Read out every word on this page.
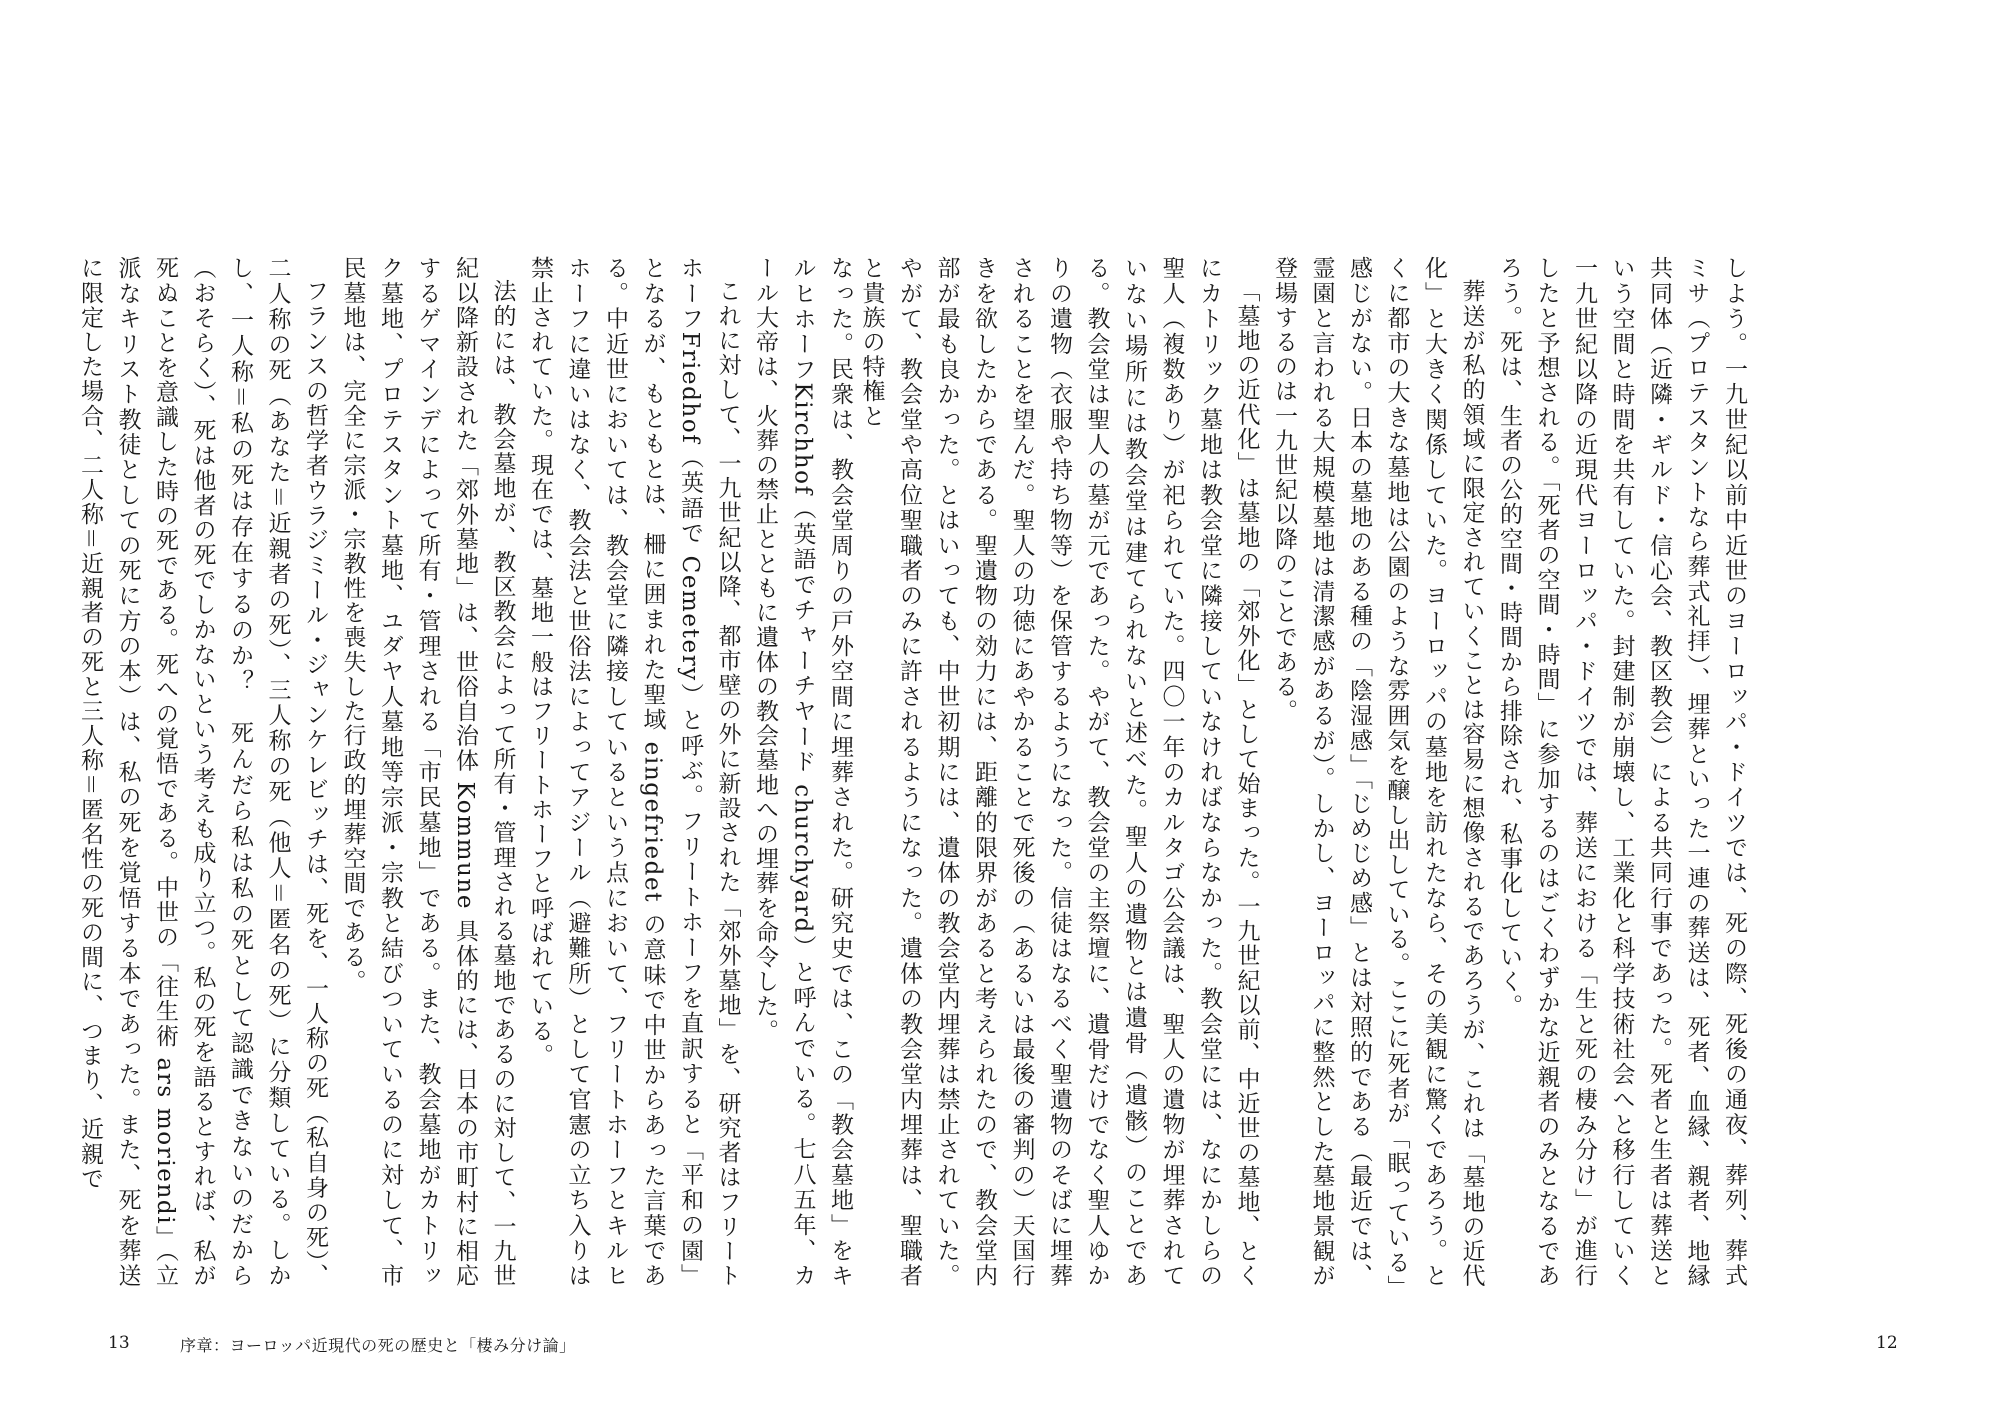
なった。民衆は、教会堂周りの戸外空間に埋葬された。研究史では、この「教会墓地」をキルヒホーフKirchhof（英語でチャーチヤード churchyard）と呼んでいる。七八五年、カール大帝は、火葬の禁止とともに遺体の教会墓地への埋葬を命令した。

これに対して、一九世紀以降、都市壁の外に新設された「郊外墓地」を、研究者はフリートホーフFriedhof（英語で Cemetery）と呼ぶ。フリートホーフを直訳すると「平和の園」となるが、もともとは、柵に囲まれた聖域 eingefriedet の意味で中世からあった言葉である。中近世においては、教会堂に隣接しているという点において、フリートホーフとキルヒホーフに違いはなく、教会法と世俗法によってアジール（避難所）として官憲の立ち入りは禁止されていた。現在では、墓地一般はフリートホーフと呼ばれている。

法的には、教会墓地が、教区教会によって所有・管理される墓地であるのに対して、一九世紀以降新設された「郊外墓地」は、世俗自治体 Kommune 具体的には、日本の市町村に相応するゲマインデによって所有・管理される「市民墓地」である。また、教会墓地がカトリック墓地、プロテスタント墓地、ユダヤ人墓地等宗派・宗教と結びついているのに対して、市民墓地は、完全に宗派・宗教性を喪失した行政的埋葬空間である。

フランスの哲学者ウラジミール・ジャンケレビッチは、死を、一人称の死（私自身の死）、二人称の死（あなた＝近親者の死）、三人称の死（他人＝匿名の死）に分類している。しかし、一人称＝私の死は存在するのか？　死んだら私は私の死として認識できないのだから（おそらく）、死は他者の死でしかないという考えも成り立つ。私の死を語るとすれば、私が死ぬことを意識した時の死である。死への覚悟である。中世の「往生術 ars moriendi」（立派なキリスト教徒としての死に方の本）は、私の死を覚悟する本であった。また、死を葬送に限定した場合、二人称＝近親者の死と三人称＝匿名性の死の間に、つまり、近親で

13	序章：ヨーロッパ近現代の死の歴史と「棲み分け論」

しよう。一九世紀以前中近世のヨーロッパ・ドイツでは、死の際、死後の通夜、葬列、葬式ミサ（プロテスタントなら葬式礼拝）、埋葬といった一連の葬送は、死者、血縁、親者、地縁共同体（近隣・ギルド・信心会、教区教会）による共同行事であった。死者と生者は葬送という空間と時間を共有していた。封建制が崩壊し、工業化と科学技術社会へと移行していく一九世紀以降の近現代ヨーロッパ・ドイツでは、葬送における「生と死の棲み分け」が進行したと予想される。「死者の空間・時間」に参加するのはごくわずかな近親者のみとなるであろう。死は、生者の公的空間・時間から排除され、私事化していく。

葬送が私的領域に限定されていくことは容易に想像されるであろうが、これは「墓地の近代化」と大きく関係していた。ヨーロッパの墓地を訪れたなら、その美観に驚くであろう。とくに都市の大きな墓地は公園のような雰囲気を醸し出している。ここに死者が「眠っている」感じがない。日本の墓地のある種の「陰湿感」「じめじめ感」とは対照的である（最近では、霊園と言われる大規模墓地は清潔感があるが）。しかし、ヨーロッパに整然とした墓地景観が登場するのは一九世紀以降のことである。

「墓地の近代化」は墓地の「郊外化」として始まった。一九世紀以前、中近世の墓地、とくにカトリック墓地は教会堂に隣接していなければならなかった。教会堂には、なにかしらの聖人（複数あり）が祀られていた。四〇一年のカルタゴ公会議は、聖人の遺物が埋葬されていない場所には教会堂は建てられないと述べた。聖人の遺物とは遺骨（遺骸）のことである。教会堂は聖人の墓が元であった。やがて、教会堂の主祭壇に、遺骨だけでなく聖人ゆかりの遺物（衣服や持ち物等）を保管するようになった。信徒はなるべく聖遺物のそばに埋葬されることを望んだ。聖人の功徳にあやかることで死後の（あるいは最後の審判の）天国行きを欲したからである。聖遺物の効力には、距離的限界があると考えられたので、教会堂内部が最も良かった。とはいっても、中世初期には、遺体の教会堂内埋葬は禁止されていた。やがて、教会堂や高位聖職者のみに許されるようになった。遺体の教会堂内埋葬は、聖職者と貴族の特権と

12
